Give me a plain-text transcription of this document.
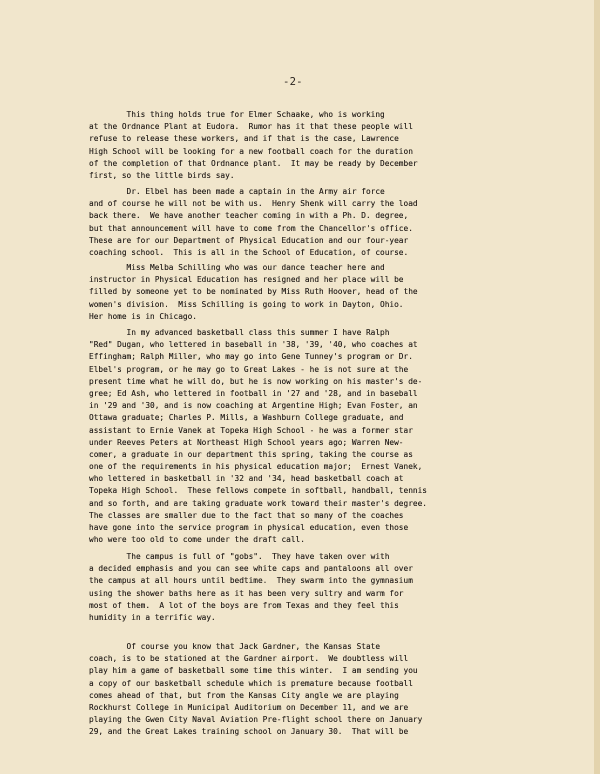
-2-
This thing holds true for Elmer Schaake, who is working
at the Ordnance Plant at Eudora.  Rumor has it that these people will
refuse to release these workers, and if that is the case, Lawrence
High School will be looking for a new football coach for the duration
of the completion of that Ordnance plant.  It may be ready by December
first, so the little birds say.
Dr. Elbel has been made a captain in the Army air force
and of course he will not be with us.  Henry Shenk will carry the load
back there.  We have another teacher coming in with a Ph. D. degree,
but that announcement will have to come from the Chancellor's office.
These are for our Department of Physical Education and our four-year
coaching school.  This is all in the School of Education, of course.
Miss Melba Schilling who was our dance teacher here and
instructor in Physical Education has resigned and her place will be
filled by someone yet to be nominated by Miss Ruth Hoover, head of the
women's division.  Miss Schilling is going to work in Dayton, Ohio.
Her home is in Chicago.
In my advanced basketball class this summer I have Ralph
"Red" Dugan, who lettered in baseball in '38, '39, '40, who coaches at
Effingham; Ralph Miller, who may go into Gene Tunney's program or Dr.
Elbel's program, or he may go to Great Lakes - he is not sure at the
present time what he will do, but he is now working on his master's de-
gree; Ed Ash, who lettered in football in '27 and '28, and in baseball
in '29 and '30, and is now coaching at Argentine High; Evan Foster, an
Ottawa graduate; Charles P. Mills, a Washburn College graduate, and
assistant to Ernie Vanek at Topeka High School - he was a former star
under Reeves Peters at Northeast High School years ago; Warren New-
comer, a graduate in our department this spring, taking the course as
one of the requirements in his physical education major;  Ernest Vanek,
who lettered in basketball in '32 and '34, head basketball coach at
Topeka High School.  These fellows compete in softball, handball, tennis
and so forth, and are taking graduate work toward their master's degree.
The classes are smaller due to the fact that so many of the coaches
have gone into the service program in physical education, even those
who were too old to come under the draft call.
The campus is full of "gobs".  They have taken over with
a decided emphasis and you can see white caps and pantaloons all over
the campus at all hours until bedtime.  They swarm into the gymnasium
using the shower baths here as it has been very sultry and warm for
most of them.  A lot of the boys are from Texas and they feel this
humidity in a terrific way.
Of course you know that Jack Gardner, the Kansas State
coach, is to be stationed at the Gardner airport.  We doubtless will
play him a game of basketball some time this winter.  I am sending you
a copy of our basketball schedule which is premature because football
comes ahead of that, but from the Kansas City angle we are playing
Rockhurst College in Municipal Auditorium on December 11, and we are
playing the Gwen City Naval Aviation Pre-flight school there on January
29, and the Great Lakes training school on January 30.  That will be
